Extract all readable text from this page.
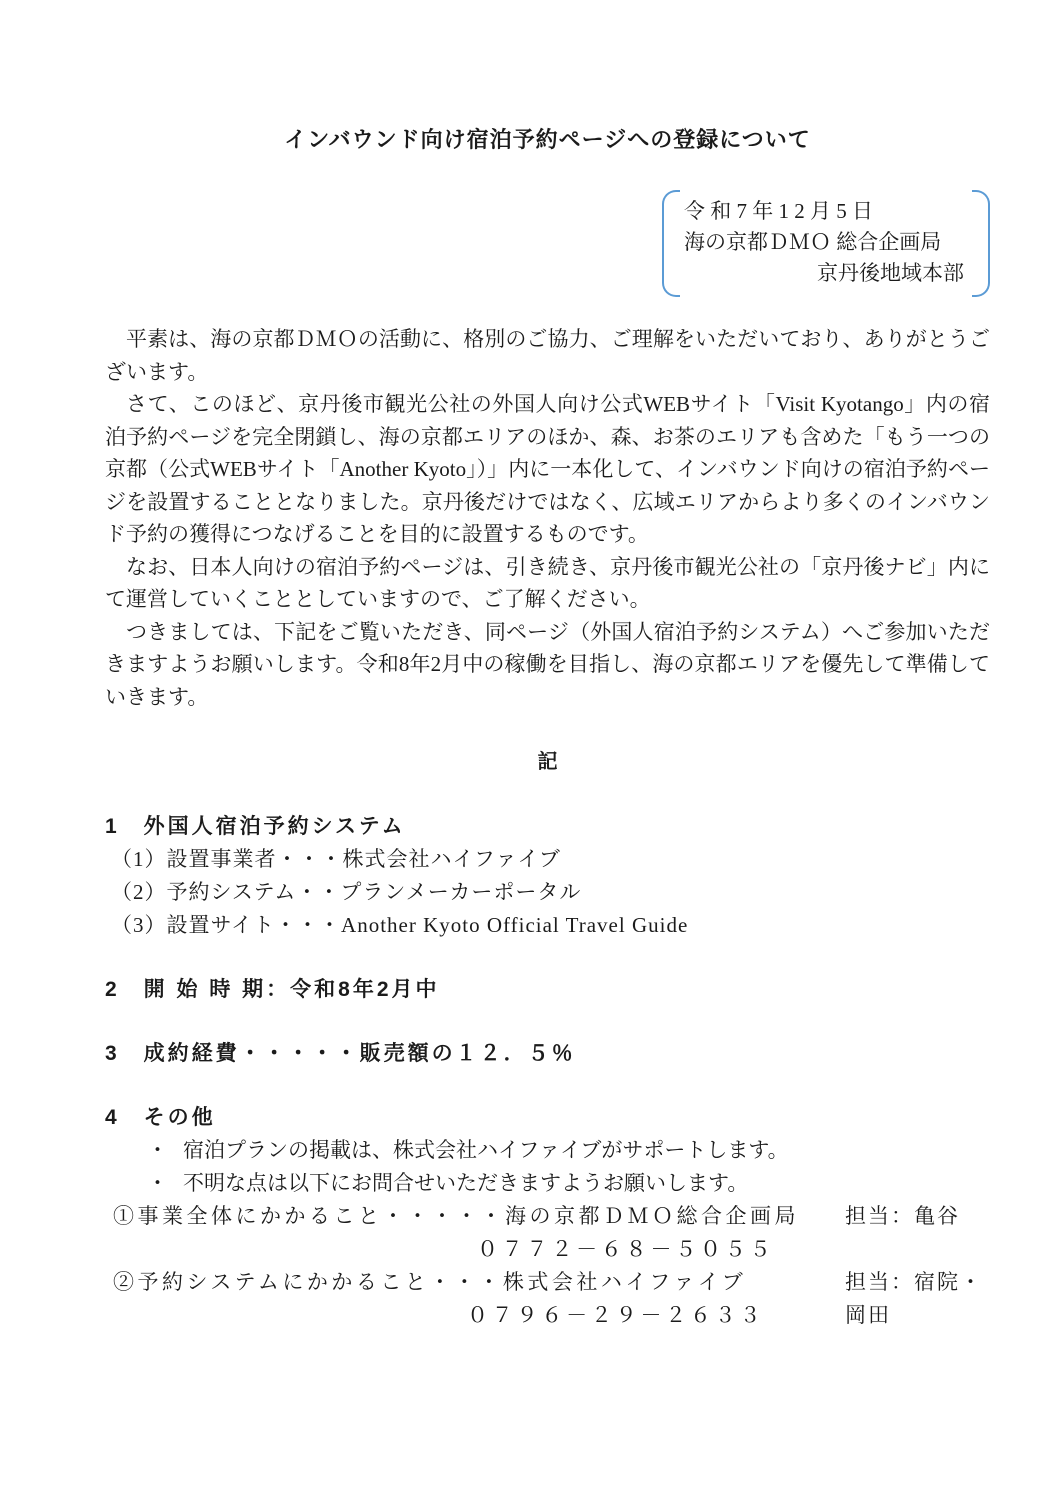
インバウンド向け宿泊予約ページへの登録について
令 和 7 年 1 2 月 5 日
海の京都ＤＭＯ 総合企画局
京丹後地域本部

平素は、海の京都ＤＭＯの活動に、格別のご協力、ご理解をいただいており、ありがとうございます。

さて、このほど、京丹後市観光公社の外国人向け公式WEBサイト「Visit Kyotango」内の宿泊予約ページを完全閉鎖し、海の京都エリアのほか、森、お茶のエリアも含めた「もう一つの京都（公式WEBサイト「Another Kyoto」）」内に一本化して、インバウンド向けの宿泊予約ページを設置することとなりました。京丹後だけではなく、広域エリアからより多くのインバウンド予約の獲得につなげることを目的に設置するものです。

なお、日本人向けの宿泊予約ページは、引き続き、京丹後市観光公社の「京丹後ナビ」内にて運営していくこととしていますので、ご了解ください。

つきましては、下記をご覧いただき、同ページ（外国人宿泊予約システム）へご参加いただきますようお願いします。令和8年2月中の稼働を目指し、海の京都エリアを優先して準備していきます。

記
1　外国人宿泊予約システム
（1）設置事業者・・・株式会社ハイファイブ
（2）予約システム・・プランメーカーポータル
（3）設置サイト・・・Another Kyoto Official Travel Guide
2　開 始 時 期：令和8年2月中
3　成約経費・・・・・販売額の１２．５％
4　その他
・ 宿泊プランの掲載は、株式会社ハイファイブがサポートします。
・ 不明な点は以下にお問合せいただきますようお願いします。
①事業全体にかかること・・・・・海の京都ＤＭＯ総合企画局 担当：亀谷
０７７２－６８－５０５５
②予約システムにかかること・・・株式会社ハイファイブ	担当：宿院・岡田
０７９６－２９－２６３３
